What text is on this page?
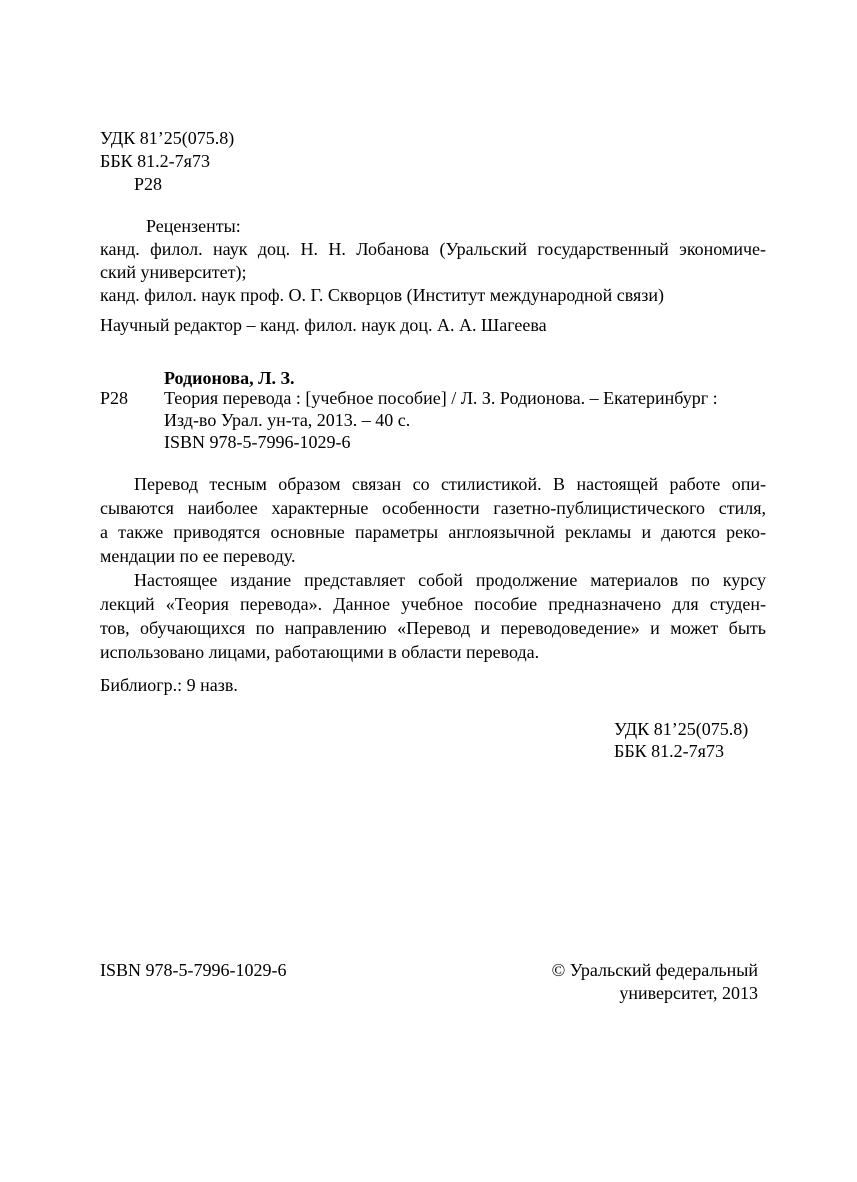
УДК 81’25(075.8)
ББК 81.2-7я73
Р28
Рецензенты:
канд. филол. наук доц. Н. Н. Лобанова (Уральский государственный экономиче-
ский университет);
канд. филол. наук проф. О. Г. Скворцов (Институт международной связи)
Научный редактор – канд. филол. наук доц. А. А. Шагеева
Родионова, Л. З.
Р28 Теория перевода : [учебное пособие] / Л. З. Родионова. – Екатеринбург :
Изд-во Урал. ун-та, 2013. – 40 с.
ISBN 978-5-7996-1029-6
Перевод тесным образом связан со стилистикой. В настоящей работе опи-
сываются наиболее характерные особенности газетно-публицистического стиля,
а также приводятся основные параметры англоязычной рекламы и даются реко-
мендации по ее переводу.
Настоящее издание представляет собой продолжение материалов по курсу
лекций «Теория перевода». Данное учебное пособие предназначено для студен-
тов, обучающихся по направлению «Перевод и переводоведение» и может быть
использовано лицами, работающими в области перевода.
Библиогр.: 9 назв.
УДК 81’25(075.8)
ББК 81.2-7я73
ISBN 978-5-7996-1029-6	© Уральский федеральный
университет, 2013
